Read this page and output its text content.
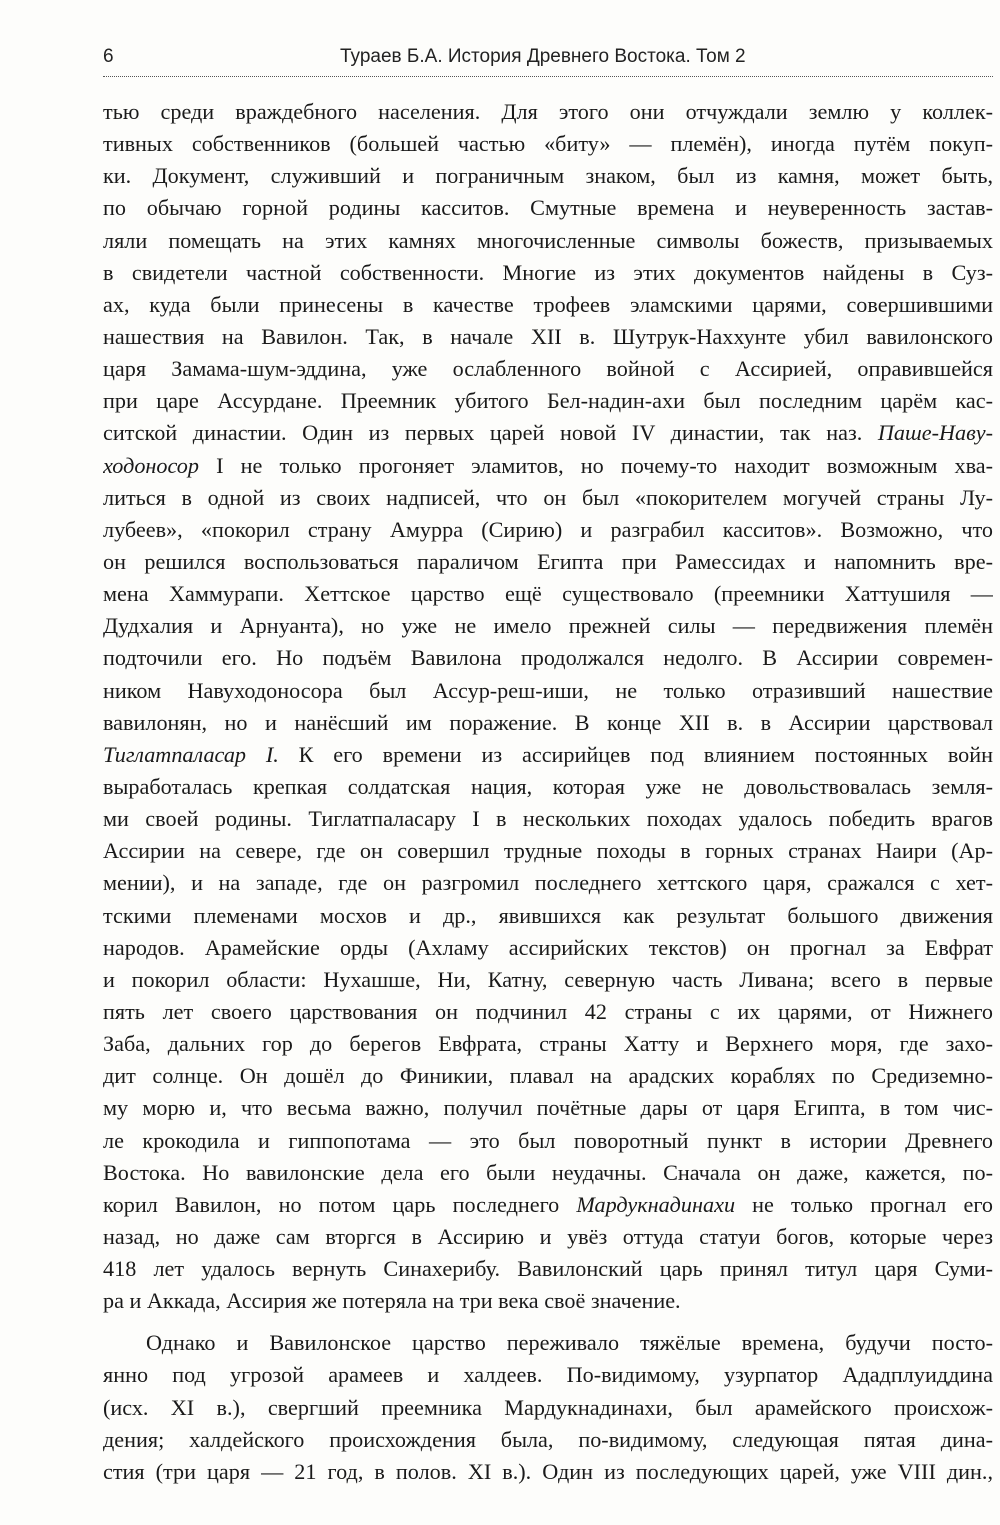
6	Тураев Б.А. История Древнего Востока. Том 2
тью среди враждебного населения. Для этого они отчуждали землю у коллек-
тивных собственников (большей частью «биту» — племён), иногда путём покуп-
ки. Документ, служивший и пограничным знаком, был из камня, может быть,
по обычаю горной родины касситов. Смутные времена и неуверенность застав-
ляли помещать на этих камнях многочисленные символы божеств, призываемых
в свидетели частной собственности. Многие из этих документов найдены в Суз-
ах, куда были принесены в качестве трофеев эламскими царями, совершившими
нашествия на Вавилон. Так, в начале XII в. Шутрук-Наххунте убил вавилонского
царя Замама-шум-эддина, уже ослабленного войной с Ассирией, оправившейся
при царе Ассурдане. Преемник убитого Бел-надин-ахи был последним царём кас-
ситской династии. Один из первых царей новой IV династии, так наз. Паше-Наву-
ходоносор I не только прогоняет эламитов, но почему-то находит возможным хва-
литься в одной из своих надписей, что он был «покорителем могучей страны Лу-
лубеев», «покорил страну Амурра (Сирию) и разграбил касситов». Возможно, что
он решился воспользоваться параличом Египта при Рамессидах и напомнить вре-
мена Хаммурапи. Хеттское царство ещё существовало (преемники Хаттушиля —
Дудхалия и Арнуанта), но уже не имело прежней силы — передвижения племён
подточили его. Но подъём Вавилона продолжался недолго. В Ассирии современ-
ником Навуходоносора был Ассур-реш-иши, не только отразивший нашествие
вавилонян, но и нанёсший им поражение. В конце XII в. в Ассирии царствовал
Тиглатпаласар I. К его времени из ассирийцев под влиянием постоянных войн
выработалась крепкая солдатская нация, которая уже не довольствовалась земля-
ми своей родины. Тиглатпаласару I в нескольких походах удалось победить врагов
Ассирии на севере, где он совершил трудные походы в горных странах Наири (Ар-
мении), и на западе, где он разгромил последнего хеттского царя, сражался с хет-
тскими племенами мосхов и др., явившихся как результат большого движения
народов. Арамейские орды (Ахламу ассирийских текстов) он прогнал за Евфрат
и покорил области: Нухашше, Ни, Катну, северную часть Ливана; всего в первые
пять лет своего царствования он подчинил 42 страны с их царями, от Нижнего
Заба, дальних гор до берегов Евфрата, страны Хатту и Верхнего моря, где захо-
дит солнце. Он дошёл до Финикии, плавал на арадских кораблях по Средиземно-
му морю и, что весьма важно, получил почётные дары от царя Египта, в том чис-
ле крокодила и гиппопотама — это был поворотный пункт в истории Древнего
Востока. Но вавилонские дела его были неудачны. Сначала он даже, кажется, по-
корил Вавилон, но потом царь последнего Мардукнадинахи не только прогнал его
назад, но даже сам вторгся в Ассирию и увёз оттуда статуи богов, которые через
418 лет удалось вернуть Синахерибу. Вавилонский царь принял титул царя Суми-
ра и Аккада, Ассирия же потеряла на три века своё значение.
Однако и Вавилонское царство переживало тяжёлые времена, будучи посто-
янно под угрозой арамеев и халдеев. По-видимому, узурпатор Ададплуиддина
(исх. XI в.), свергший преемника Мардукнадинахи, был арамейского происхож-
дения; халдейского происхождения была, по-видимому, следующая пятая дина-
стия (три царя — 21 год, в полов. XI в.). Один из последующих царей, уже VIII дин.,
